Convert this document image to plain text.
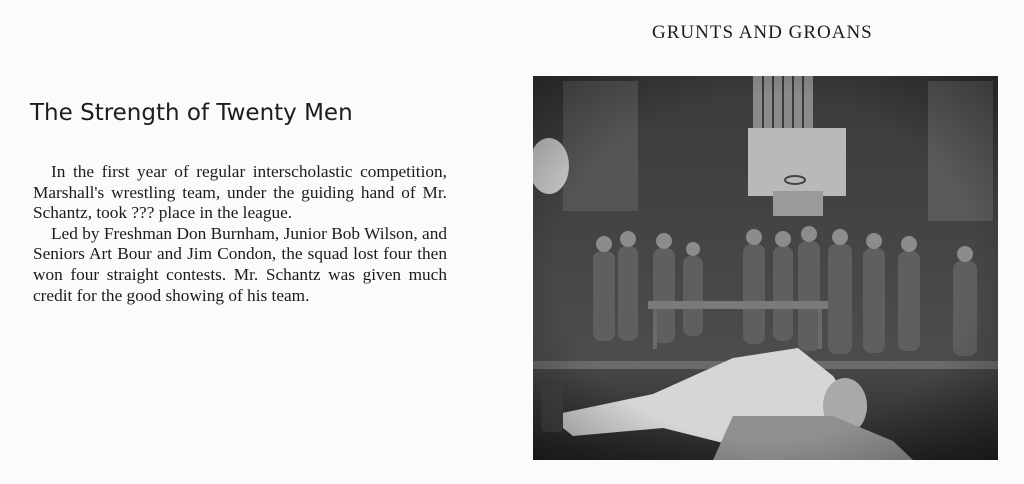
GRUNTS AND GROANS
The Strength of Twenty Men

In the first year of regular interscholastic competition, Marshall's wrestling team, under the guiding hand of Mr. Schantz, took ??? place in the league.

Led by Freshman Don Burnham, Junior Bob Wilson, and Seniors Art Bour and Jim Condon, the squad lost four then won four straight contests. Mr. Schantz was given much credit for the good showing of his team.
